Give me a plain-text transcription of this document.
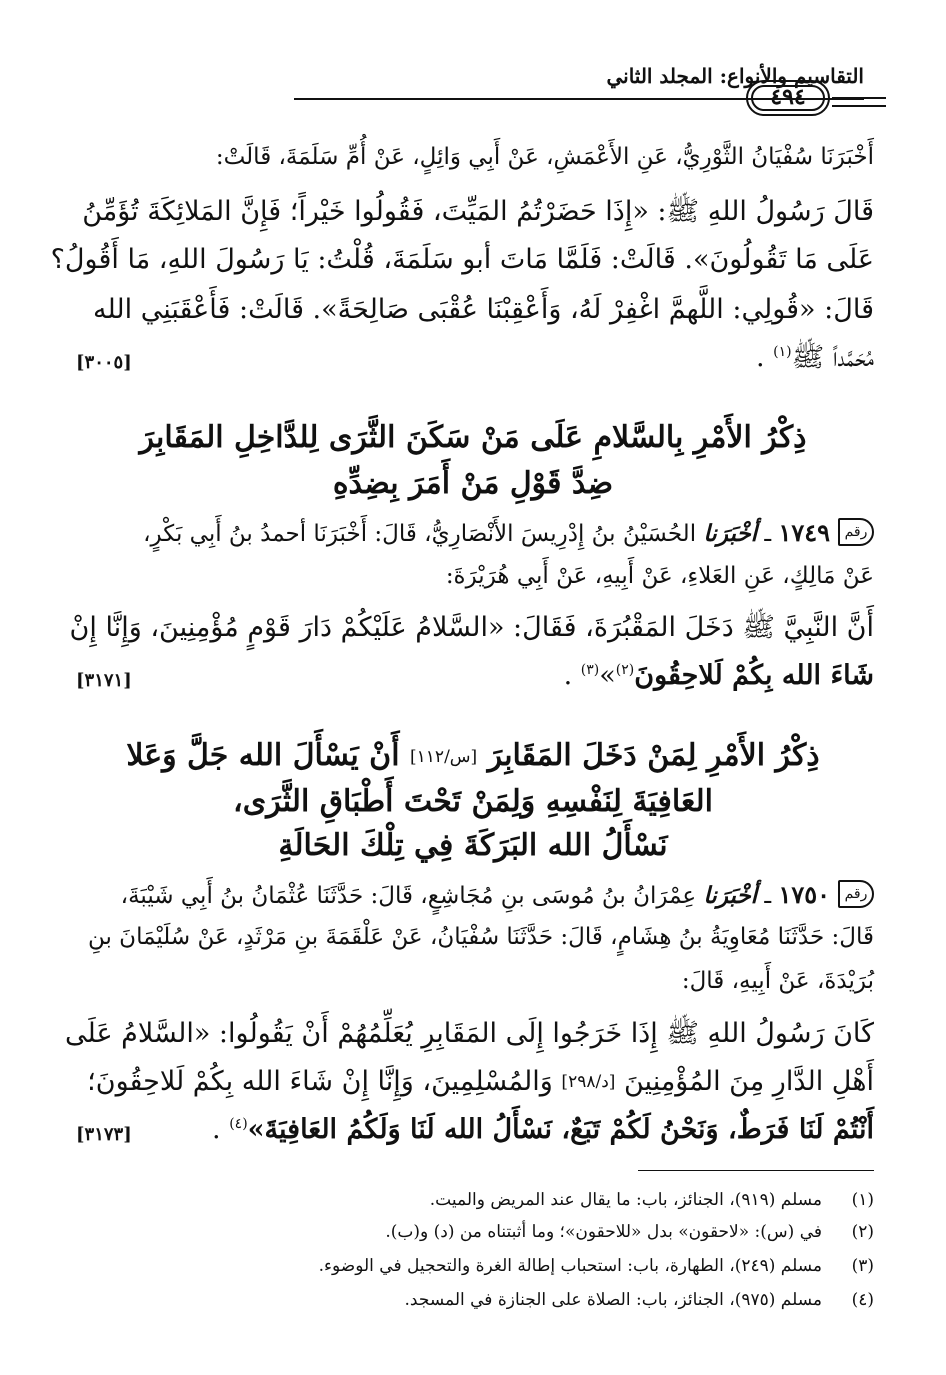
التقاسيم والأنواع: المجلد الثاني
٤٩٤
أَخْبَرَنَا سُفْيَانُ الثَّوْرِيُّ، عَنِ الأَعْمَشِ، عَنْ أَبِي وَائِلٍ، عَنْ أُمِّ سَلَمَةَ، قَالَتْ:
قَالَ رَسُولُ اللهِ ﷺ: «إِذَا حَضَرْتُمُ المَيِّتَ، فَقُولُوا خَيْراً؛ فَإِنَّ المَلائِكَةَ تُؤَمِّنُ
عَلَى مَا تَقُولُونَ». قَالَتْ: فَلَمَّا مَاتَ أبو سَلَمَةَ، قُلْتُ: يَا رَسُولَ اللهِ، مَا أَقُولُ؟
قَالَ: «قُولِي: اللَّهمَّ اغْفِرْ لَهُ، وَأَعْقِبْنَا عُقْبَى صَالِحَةً». قَالَتْ: فَأَعْقَبَنِي الله
مُحَمَّداً ﷺ$^{(١)}$ .
[٣٠٠٥]
ذِكْرُ الأَمْرِ بِالسَّلامِ عَلَى مَنْ سَكَنَ الثَّرَى لِلدَّاخِلِ المَقَابِرَ
ضِدَّ قَوْلِ مَنْ أَمَرَ بِضِدِّهِ
رقم
١٧٤٩ ـ أخْبَرَنا الحُسَيْنُ بنُ إِدْرِيسَ الأَنْصَارِيُّ، قَالَ: أَخْبَرَنَا أحمدُ بنُ أَبِي بَكْرٍ،
عَنْ مَالِكٍ، عَنِ العَلاءِ، عَنْ أَبِيهِ، عَنْ أَبِي هُرَيْرَةَ:
أَنَّ النَّبِيَّ ﷺ دَخَلَ المَقْبُرَةَ، فَقَالَ: «السَّلامُ عَلَيْكُمْ دَارَ قَوْمٍ مُؤْمِنِينَ، وَإِنَّا إِنْ
شَاءَ الله بِكُمْ لَلاحِقُونَ$^{(٢)}$»$^{(٣)}$ .
[٣١٧١]
ذِكْرُ الأَمْرِ لِمَنْ دَخَلَ المَقَابِرَ [س/١١٢] أَنْ يَسْأَلَ الله جَلَّ وَعَلا
العَافِيَةَ لِنَفْسِهِ وَلِمَنْ تَحْتَ أَطْبَاقِ الثَّرَى،
نَسْأَلُ الله البَرَكَةَ فِي تِلْكَ الحَالَةِ
رقم
١٧٥٠ ـ أخْبَرَنا عِمْرَانُ بنُ مُوسَى بنِ مُجَاشِعٍ، قَالَ: حَدَّثَنَا عُثْمَانُ بنُ أَبِي شَيْبَةَ،
قَالَ: حَدَّثَنَا مُعَاوِيَةُ بنُ هِشَامٍ، قَالَ: حَدَّثَنَا سُفْيَانُ، عَنْ عَلْقَمَةَ بنِ مَرْثَدٍ، عَنْ سُلَيْمَانَ بنِ
بُرَيْدَةَ، عَنْ أَبِيهِ، قَالَ:
كَانَ رَسُولُ اللهِ ﷺ إِذَا خَرَجُوا إِلَى المَقَابِرِ يُعَلِّمُهُمْ أَنْ يَقُولُوا: «السَّلامُ عَلَى
أَهْلِ الدَّارِ مِنَ المُؤْمِنِينَ [د/٢٩٨] وَالمُسْلِمِينَ، وَإِنَّا إِنْ شَاءَ الله بِكُمْ لَلاحِقُونَ؛
أَنْتُمْ لَنَا فَرَطٌ، وَنَحْنُ لَكُمْ تَبَعٌ، نَسْأَلُ الله لَنَا وَلَكُمُ العَافِيَةَ»$^{(٤)}$ .
[٣١٧٣]
(١)مسلم (٩١٩)، الجنائز، باب: ما يقال عند المريض والميت.
(٢)في (س): «لاحقون» بدل «للاحقون»؛ وما أثبتناه من (د) و(ب).
(٣)مسلم (٢٤٩)، الطهارة، باب: استحباب إطالة الغرة والتحجيل في الوضوء.
(٤)مسلم (٩٧٥)، الجنائز، باب: الصلاة على الجنازة في المسجد.
